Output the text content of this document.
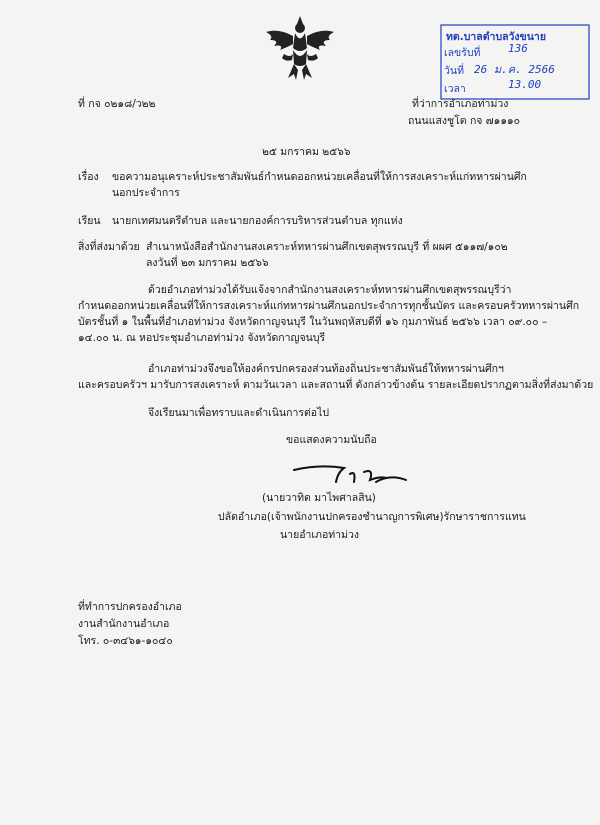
ทต.บาลตำบลวังขนาย
เลขรับที่	136
วันที่ 26 ม.ค. 2566
เวลา	13.00
ที่ กจ ๐๒๑๘/ว๒๒	ที่ว่าการอำเภอท่าม่วง
ถนนแสงชูโต กจ ๗๑๑๑๐
๒๕ มกราคม ๒๕๖๖
เรื่อง ขอความอนุเคราะห์ประชาสัมพันธ์กำหนดออกหน่วยเคลื่อนที่ให้การสงเคราะห์แก่ทหารผ่านศึก
นอกประจำการ
เรียน นายกเทศมนตรีตำบล และนายกองค์การบริหารส่วนตำบล ทุกแห่ง
สิ่งที่ส่งมาด้วย สำเนาหนังสือสำนักงานสงเคราะห์ทหารผ่านศึกเขตสุพรรณบุรี ที่ ผผศ ๕๑๑๗/๑๐๒
ลงวันที่ ๒๓ มกราคม ๒๕๖๖
ด้วยอำเภอท่าม่วงได้รับแจ้งจากสำนักงานสงเคราะห์ทหารผ่านศึกเขตสุพรรณบุรีว่า
กำหนดออกหน่วยเคลื่อนที่ให้การสงเคราะห์แก่ทหารผ่านศึกนอกประจำการทุกชั้นบัตร และครอบครัวทหารผ่านศึก
บัตรชั้นที่ ๑ ในพื้นที่อำเภอท่าม่วง จังหวัดกาญจนบุรี ในวันพฤหัสบดีที่ ๑๖ กุมภาพันธ์ ๒๕๖๖ เวลา ๐๙.๐๐ –
๑๔.๐๐ น. ณ หอประชุมอำเภอท่าม่วง จังหวัดกาญจนบุรี
อำเภอท่าม่วงจึงขอให้องค์กรปกครองส่วนท้องถิ่นประชาสัมพันธ์ให้ทหารผ่านศึกฯ
และครอบครัวฯ มารับการสงเคราะห์ ตามวันเวลา และสถานที่ ดังกล่าวข้างต้น รายละเอียดปรากฏตามสิ่งที่ส่งมาด้วย
จึงเรียนมาเพื่อทราบและดำเนินการต่อไป
ขอแสดงความนับถือ
(นายวาทิต มาไพศาลสิน)
ปลัดอำเภอ(เจ้าพนักงานปกครองชำนาญการพิเศษ)รักษาราชการแทน
นายอำเภอท่าม่วง
ที่ทำการปกครองอำเภอ
งานสำนักงานอำเภอ
โทร. ๐-๓๔๖๑-๑๐๔๐
